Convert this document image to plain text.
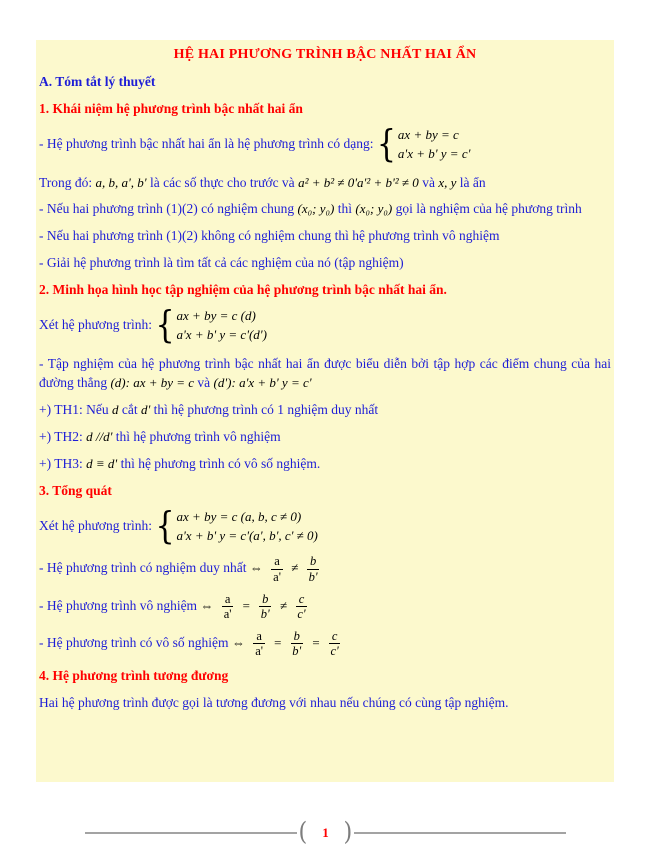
HỆ HAI PHƯƠNG TRÌNH BẬC NHẤT HAI ẨN
A. Tóm tắt lý thuyết
1. Khái niệm hệ phương trình bậc nhất hai ẩn
- Hệ phương trình bậc nhất hai ẩn là hệ phương trình có dạng: { ax + by = c
a'x + b' y = c'
Trong đó: a, b, a', b' là các số thực cho trước và a² + b² ≠ 0'a'² + b'² ≠ 0 và x, y là ẩn
- Nếu hai phương trình (1)(2) có nghiệm chung (x₀; y₀) thì (x₀; y₀) gọi là nghiệm của hệ phương trình
- Nếu hai phương trình (1)(2) không có nghiệm chung thì hệ phương trình vô nghiệm
- Giải hệ phương trình là tìm tất cả các nghiệm của nó (tập nghiệm)
2. Minh họa hình học tập nghiệm của hệ phương trình bậc nhất hai ẩn.
Xét hệ phương trình: { ax + by = c (d)
a'x + b' y = c'(d')
- Tập nghiệm của hệ phương trình bậc nhất hai ẩn được biểu diễn bởi tập hợp các điểm chung của hai đường thẳng (d): ax + by = c và (d'): a'x + b' y = c'
+) TH1: Nếu d cắt d' thì hệ phương trình có 1 nghiệm duy nhất
+) TH2: d //d' thì hệ phương trình vô nghiệm
+) TH3: d ≡ d' thì hệ phương trình có vô số nghiệm.
3. Tổng quát
Xét hệ phương trình: { ax + by = c (a, b, c ≠ 0)
a'x + b' y = c'(a', b', c' ≠ 0)
- Hệ phương trình có nghiệm duy nhất ⇔ $\frac{a}{a'} \ne \frac{b}{b'}$
- Hệ phương trình vô nghiệm ⇔ $\frac{a}{a'} = \frac{b}{b'} \ne \frac{c}{c'}$
- Hệ phương trình có vô số nghiệm ⇔ $\frac{a}{a'} = \frac{b}{b'} = \frac{c}{c'}$
4. Hệ phương trình tương đương
Hai hệ phương trình được gọi là tương đương với nhau nếu chúng có cùng tập nghiệm.
( 1 )
